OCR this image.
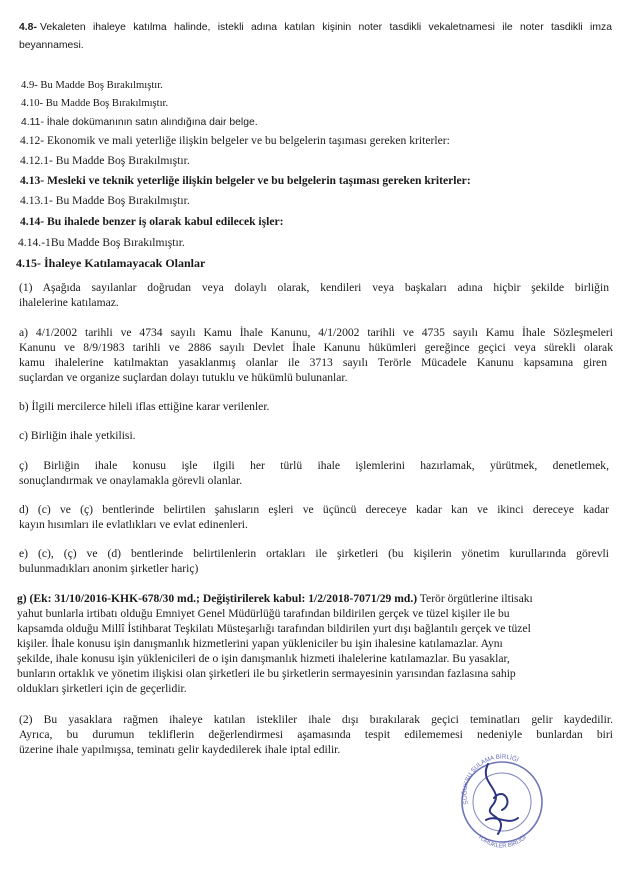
4.8- Vekaleten ihaleye katılma halinde, istekli adına katılan kişinin noter tasdikli vekaletnamesi ile noter tasdikli imza
beyannamesi.
4.9- Bu Madde Boş Bırakılmıştır.
4.10- Bu Madde Boş Bırakılmıştır.
4.11- İhale dokümanının satın alındığına dair belge.
4.12- Ekonomik ve mali yeterliğe ilişkin belgeler ve bu belgelerin taşıması gereken kriterler:
4.12.1- Bu Madde Boş Bırakılmıştır.
4.13- Mesleki ve teknik yeterliğe ilişkin belgeler ve bu belgelerin taşıması gereken kriterler:
4.13.1- Bu Madde Boş Bırakılmıştır.
4.14- Bu ihalede benzer iş olarak kabul edilecek işler:
4.14.-1Bu Madde Boş Bırakılmıştır.
4.15- İhaleye Katılamayacak Olanlar
(1) Aşağıda sayılanlar doğrudan veya dolaylı olarak, kendileri veya başkaları adına hiçbir şekilde birliğin
ihalelerine katılamaz.
a) 4/1/2002 tarihli ve 4734 sayılı Kamu İhale Kanunu, 4/1/2002 tarihli ve 4735 sayılı Kamu İhale Sözleşmeleri
Kanunu ve 8/9/1983 tarihli ve 2886 sayılı Devlet İhale Kanunu hükümleri gereğince geçici veya sürekli olarak
kamu ihalelerine katılmaktan yasaklanmış olanlar ile 3713 sayılı Terörle Mücadele Kanunu kapsamına giren
suçlardan ve organize suçlardan dolayı tutuklu ve hükümlü bulunanlar.
b) İlgili mercilerce hileli iflas ettiğine karar verilenler.
c) Birliğin ihale yetkilisi.
ç) Birliğin ihale konusu işle ilgili her türlü ihale işlemlerini hazırlamak, yürütmek, denetlemek,
sonuçlandırmak ve onaylamakla görevli olanlar.
d) (c) ve (ç) bentlerinde belirtilen şahısların eşleri ve üçüncü dereceye kadar kan ve ikinci dereceye kadar
kayın hısımları ile evlatlıkları ve evlat edinenleri.
e) (c), (ç) ve (d) bentlerinde belirtilenlerin ortakları ile şirketleri (bu kişilerin yönetim kurullarında görevli
bulunmadıkları anonim şirketler hariç)
g) (Ek: 31/10/2016-KHK-678/30 md.; Değiştirilerek kabul: 1/2/2018-7071/29 md.) Terör örgütlerine iltisakı
yahut bunlarla irtibatı olduğu Emniyet Genel Müdürlüğü tarafından bildirilen gerçek ve tüzel kişiler ile bu
kapsamda olduğu Millî İstihbarat Teşkilatı Müsteşarlığı tarafından bildirilen yurt dışı bağlantılı gerçek ve tüzel
kişiler. İhale konusu işin danışmanlık hizmetlerini yapan yükleniciler bu işin ihalesine katılamazlar. Aynı
şekilde, ihale konusu işin yüklenicileri de o işin danışmanlık hizmeti ihalelerine katılamazlar. Bu yasaklar,
bunların ortaklık ve yönetim ilişkisi olan şirketleri ile bu şirketlerin sermayesinin yarısından fazlasına sahip
oldukları şirketleri için de geçerlidir.
(2) Bu yasaklara rağmen ihaleye katılan istekliler ihale dışı bırakılarak geçici teminatları gelir kaydedilir.
Ayrıca, bu durumun tekliflerin değerlendirmesi aşamasında tespit edilememesi nedeniyle bunlardan biri
üzerine ihale yapılmışsa, teminatı gelir kaydedilerek ihale iptal edilir.
SOĞUKSU SULAMA BİRLİĞİ
YÖRÜKLER BİRLİĞİ
